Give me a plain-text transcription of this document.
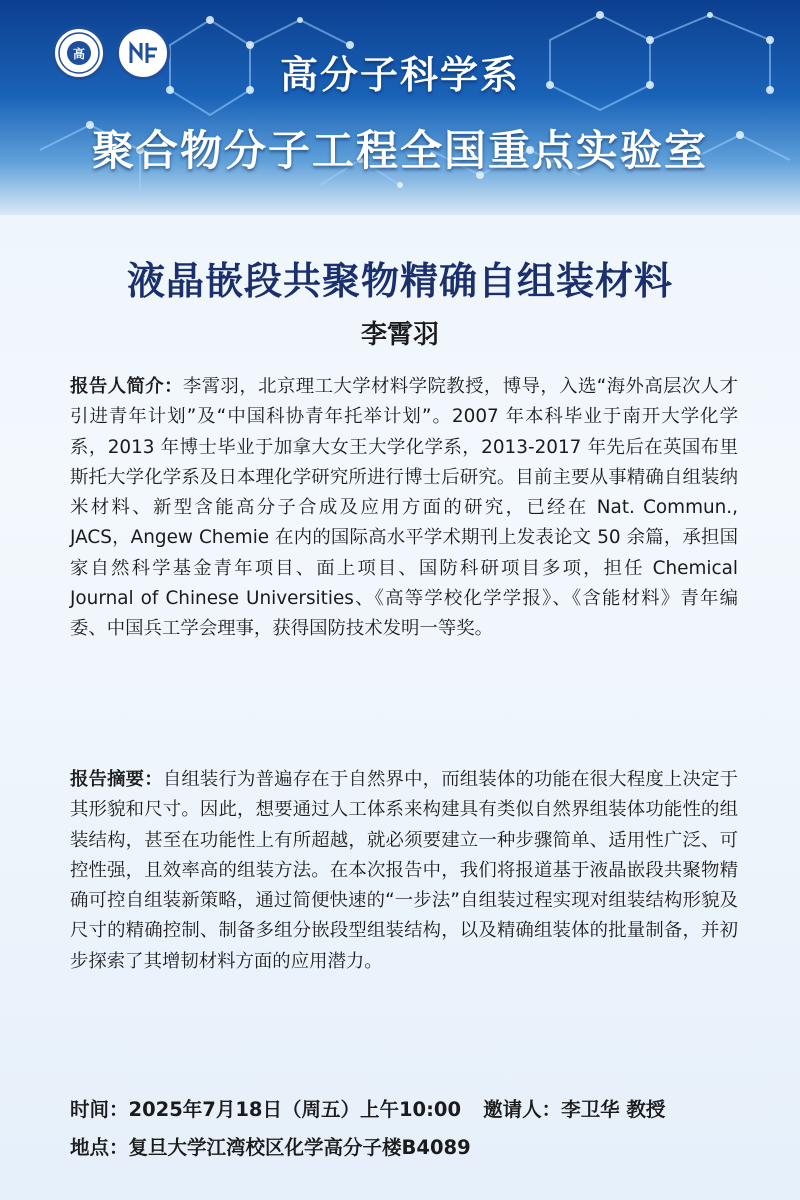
高	高分子科学系
聚合物分子工程全国重点实验室
液晶嵌段共聚物精确自组装材料
李霄羽

报告人简介：李霄羽，北京理工大学材料学院教授，博导，入选“海外高层次人才引进青年计划”及“中国科协青年托举计划”。2007 年本科毕业于南开大学化学系，2013 年博士毕业于加拿大女王大学化学系，2013-2017 年先后在英国布里斯托大学化学系及日本理化学研究所进行博士后研究。目前主要从事精确自组装纳米材料、新型含能高分子合成及应用方面的研究，已经在 Nat. Commun., JACS，Angew Chemie 在内的国际高水平学术期刊上发表论文 50 余篇，承担国家自然科学基金青年项目、面上项目、国防科研项目多项，担任 Chemical Journal of Chinese Universities、《高等学校化学学报》、《含能材料》青年编委、中国兵工学会理事，获得国防技术发明一等奖。

报告摘要：自组装行为普遍存在于自然界中，而组装体的功能在很大程度上决定于其形貌和尺寸。因此，想要通过人工体系来构建具有类似自然界组装体功能性的组装结构，甚至在功能性上有所超越，就必须要建立一种步骤简单、适用性广泛、可控性强，且效率高的组装方法。在本次报告中，我们将报道基于液晶嵌段共聚物精确可控自组装新策略，通过简便快速的“一步法”自组装过程实现对组装结构形貌及尺寸的精确控制、制备多组分嵌段型组装结构，以及精确组装体的批量制备，并初步探索了其增韧材料方面的应用潜力。

时间：2025年7月18日（周五）上午10:00 邀请人：李卫华 教授
地点：复旦大学江湾校区化学高分子楼B4089
